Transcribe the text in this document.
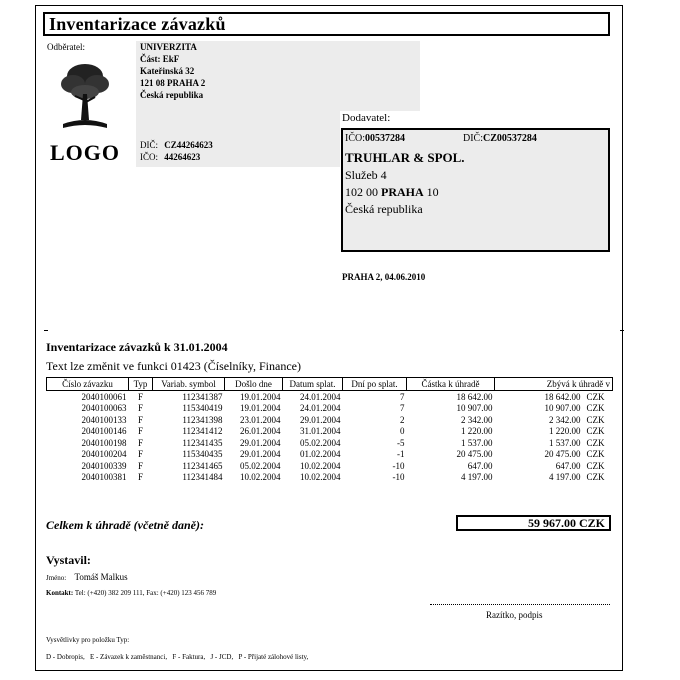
Inventarizace závazků
Odběratel:	UNIVERZITA
Část: EkF
Kateřinská 32
121 08 PRAHA 2
Česká republika
DIČ: CZ44264623
IČO: 44264623
LOGO
Dodavatel:
IČO:00537284	DIČ:CZ00537284
TRUHLAR & SPOL.
Služeb 4
102 00 PRAHA 10
Česká republika
PRAHA 2, 04.06.2010
Inventarizace závazků k 31.01.2004
Text lze změnit ve funkci 01423 (Číselníky, Finance)
Číslo závazku	Typ	Variab. symbol	Došlo dne	Datum splat.	Dní po splat.	Částka k úhradě	Zbývá k úhradě v
2040100061	F	112341387	19.01.2004	24.01.2004	7	18 642.00	18 642.00 CZK
2040100063	F	115340419	19.01.2004	24.01.2004	7	10 907.00	10 907.00 CZK
2040100133	F	112341398	23.01.2004	29.01.2004	2	2 342.00	2 342.00 CZK
2040100146	F	112341412	26.01.2004	31.01.2004	0	1 220.00	1 220.00 CZK
2040100198	F	112341435	29.01.2004	05.02.2004	-5	1 537.00	1 537.00 CZK
2040100204	F	115340435	29.01.2004	01.02.2004	-1	20 475.00	20 475.00 CZK
2040100339	F	112341465	05.02.2004	10.02.2004	-10	647.00	647.00 CZK
2040100381	F	112341484	10.02.2004	10.02.2004	-10	4 197.00	4 197.00 CZK
Celkem k úhradě (včetně daně):	59 967.00 CZK
Vystavil:
Jméno: Tomáš Malkus
Kontakt: Tel: (+420) 382 209 111, Fax: (+420) 123 456 789
Razítko, podpis
Vysvětlivky pro položku Typ:
D - Dobropis,   E - Závazek k zaměstnanci,   F - Faktura,   J - JCD,   P - Přijaté zálohové listy,
